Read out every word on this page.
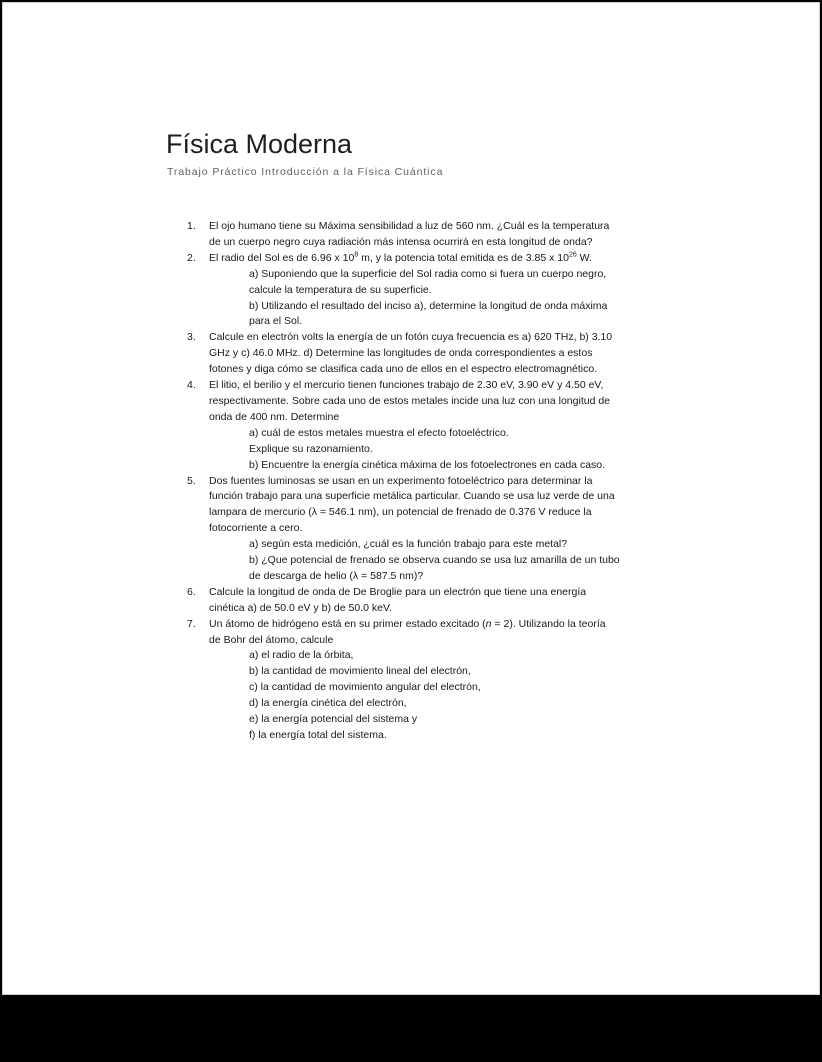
Física Moderna

Trabajo Práctico Introducción a la Física Cuántica

1. El ojo humano tiene su Máxima sensibilidad a luz de 560 nm. ¿Cuál es la temperatura
de un cuerpo negro cuya radiación más intensa ocurrirá en esta longitud de onda?
2. El radio del Sol es de 6.96 x $10^8$ m, y la potencia total emitida es de 3.85 x $10^{26}$ W.
a) Suponiendo que la superficie del Sol radia como si fuera un cuerpo negro,
calcule la temperatura de su superficie.
b) Utilizando el resultado del inciso a), determine la longitud de onda máxima
para el Sol.
3. Calcule en electrón volts la energía de un fotón cuya frecuencia es a) 620 THz, b) 3.10
GHz y c) 46.0 MHz. d) Determine las longitudes de onda correspondientes a estos
fotones y diga cómo se clasifica cada uno de ellos en el espectro electromagnético.
4. El litio, el berilio y el mercurio tienen funciones trabajo de 2.30 eV, 3.90 eV y 4.50 eV,
respectivamente. Sobre cada uno de estos metales incide una luz con una longitud de
onda de 400 nm. Determine
a) cuál de estos metales muestra el efecto fotoeléctrico.
Explique su razonamiento.
b) Encuentre la energía cinética máxima de los fotoelectrones en cada caso.
5. Dos fuentes luminosas se usan en un experimento fotoeléctrico para determinar la
función trabajo para una superficie metálica particular. Cuando se usa luz verde de una
lampara de mercurio (λ = 546.1 nm), un potencial de frenado de 0.376 V reduce la
fotocorriente a cero.
a) según esta medición, ¿cuál es la función trabajo para este metal?
b) ¿Que potencial de frenado se observa cuando se usa luz amarilla de un tubo
de descarga de helio (λ = 587.5 nm)?
6. Calcule la longitud de onda de De Broglie para un electrón que tiene una energía
cinética a) de 50.0 eV y b) de 50.0 keV.
7. Un átomo de hidrógeno está en su primer estado excitado (n = 2). Utilizando la teoría
de Bohr del átomo, calcule
a) el radio de la órbita,
b) la cantidad de movimiento lineal del electrón,
c) la cantidad de movimiento angular del electrón,
d) la energía cinética del electrón,
e) la energía potencial del sistema y
f) la energía total del sistema.
